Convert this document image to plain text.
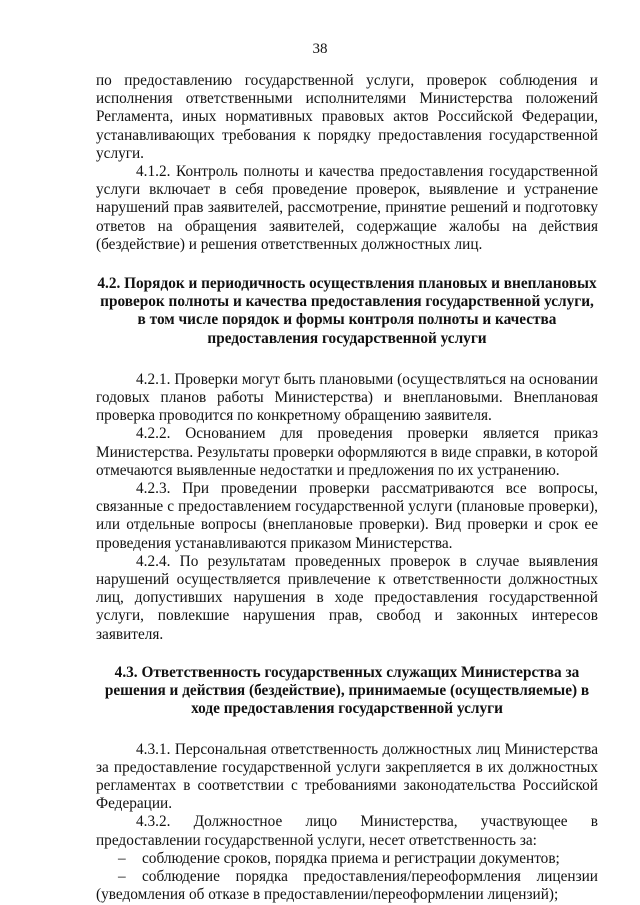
38

по предоставлению государственной услуги, проверок соблюдения и исполнения ответственными исполнителями Министерства положений Регламента, иных нормативных правовых актов Российской Федерации, устанавливающих требования к порядку предоставления государственной услуги.

4.1.2. Контроль полноты и качества предоставления государственной услуги включает в себя проведение проверок, выявление и устранение нарушений прав заявителей, рассмотрение, принятие решений и подготовку ответов на обращения заявителей, содержащие жалобы на действия (бездействие) и решения ответственных должностных лиц.

4.2. Порядок и периодичность осуществления плановых и внеплановых проверок полноты и качества предоставления государственной услуги, в том числе порядок и формы контроля полноты и качества предоставления государственной услуги

4.2.1. Проверки могут быть плановыми (осуществляться на основании годовых планов работы Министерства) и внеплановыми. Внеплановая проверка проводится по конкретному обращению заявителя.

4.2.2. Основанием для проведения проверки является приказ Министерства. Результаты проверки оформляются в виде справки, в которой отмечаются выявленные недостатки и предложения по их устранению.

4.2.3. При проведении проверки рассматриваются все вопросы, связанные с предоставлением государственной услуги (плановые проверки), или отдельные вопросы (внеплановые проверки). Вид проверки и срок ее проведения устанавливаются приказом Министерства.

4.2.4. По результатам проведенных проверок в случае выявления нарушений осуществляется привлечение к ответственности должностных лиц, допустивших нарушения в ходе предоставления государственной услуги, повлекшие нарушения прав, свобод и законных интересов заявителя.

4.3. Ответственность государственных служащих Министерства за решения и действия (бездействие), принимаемые (осуществляемые) в ходе предоставления государственной услуги

4.3.1. Персональная ответственность должностных лиц Министерства за предоставление государственной услуги закрепляется в их должностных регламентах в соответствии с требованиями законодательства Российской Федерации.

4.3.2. Должностное лицо Министерства, участвующее в предоставлении государственной услуги, несет ответственность за:

– соблюдение сроков, порядка приема и регистрации документов;

– соблюдение порядка предоставления/переоформления лицензии (уведомления об отказе в предоставлении/переоформлении лицензий);
